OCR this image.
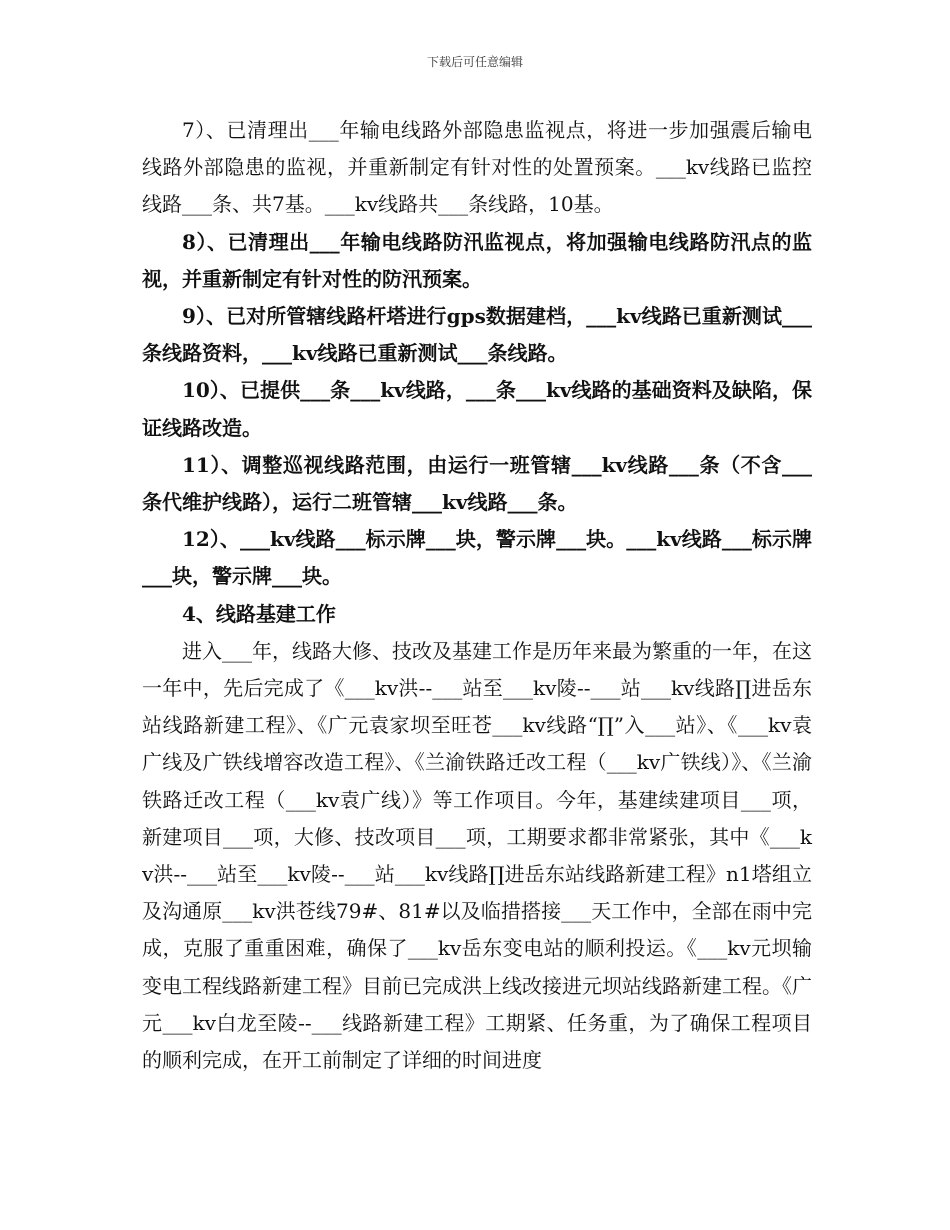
下载后可任意编辑

7）、已清理出___年输电线路外部隐患监视点，将进一步加强震后输电线路外部隐患的监视，并重新制定有针对性的处置预案。___kv线路已监控线路___条、共7基。___kv线路共___条线路，10基。

8）、已清理出___年输电线路防汛监视点，将加强输电线路防汛点的监视，并重新制定有针对性的防汛预案。

9）、已对所管辖线路杆塔进行gps数据建档，___kv线路已重新测试___条线路资料，___kv线路已重新测试___条线路。

10）、已提供___条___kv线路，___条___kv线路的基础资料及缺陷，保证线路改造。

11）、调整巡视线路范围，由运行一班管辖___kv线路___条（不含___条代维护线路），运行二班管辖___kv线路___条。

12）、___kv线路___标示牌___块，警示牌___块。___kv线路___标示牌___块，警示牌___块。

4、线路基建工作

进入___年，线路大修、技改及基建工作是历年来最为繁重的一年，在这一年中，先后完成了《___kv洪--___站至___kv陵--___站___kv线路∏进岳东站线路新建工程》、《广元袁家坝至旺苍___kv线路“∏”入___站》、《___kv袁广线及广铁线增容改造工程》、《兰渝铁路迁改工程（___kv广铁线）》、《兰渝铁路迁改工程（___kv袁广线）》等工作项目。今年，基建续建项目___项，新建项目___项，大修、技改项目___项，工期要求都非常紧张，其中《___kv洪--___站至___kv陵--___站___kv线路∏进岳东站线路新建工程》n1塔组立及沟通原___kv洪苍线79#、81#以及临措搭接___天工作中，全部在雨中完成，克服了重重困难，确保了___kv岳东变电站的顺利投运。《___kv元坝输变电工程线路新建工程》目前已完成洪上线改接进元坝站线路新建工程。《广元___kv白龙至陵--___线路新建工程》工期紧、任务重，为了确保工程项目的顺利完成，在开工前制定了详细的时间进度
